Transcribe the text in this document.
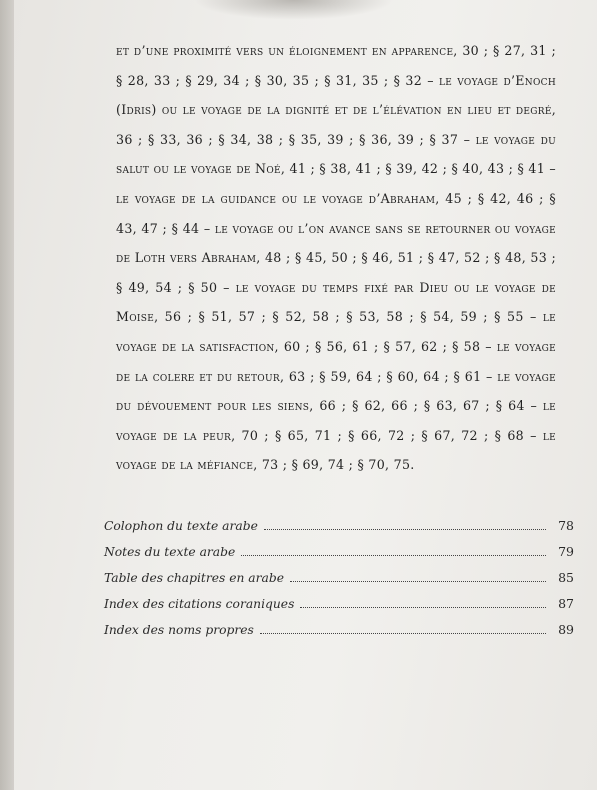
et d’une proximité vers un éloignement en apparence, 30 ; § 27, 31 ; § 28, 33 ; § 29, 34 ; § 30, 35 ; § 31, 35 ; § 32 – le voyage d’Enoch (Idris) ou le voyage de la dignité et de l’élévation en lieu et degré, 36 ; § 33, 36 ; § 34, 38 ; § 35, 39 ; § 36, 39 ; § 37 – le voyage du salut ou le voyage de Noé, 41 ; § 38, 41 ; § 39, 42 ; § 40, 43 ; § 41 – le voyage de la guidance ou le voyage d’Abraham, 45 ; § 42, 46 ; § 43, 47 ; § 44 – le voyage ou l’on avance sans se retourner ou voyage de Loth vers Abraham, 48 ; § 45, 50 ; § 46, 51 ; § 47, 52 ; § 48, 53 ; § 49, 54 ; § 50 – le voyage du temps fixé par Dieu ou le voyage de Moise, 56 ; § 51, 57 ; § 52, 58 ; § 53, 58 ; § 54, 59 ; § 55 – le voyage de la satisfaction, 60 ; § 56, 61 ; § 57, 62 ; § 58 – le voyage de la colere et du retour, 63 ; § 59, 64 ; § 60, 64 ; § 61 – le voyage du dévouement pour les siens, 66 ; § 62, 66 ; § 63, 67 ; § 64 – le voyage de la peur, 70 ; § 65, 71 ; § 66, 72 ; § 67, 72 ; § 68 – le voyage de la méfiance, 73 ; § 69, 74 ; § 70, 75.

Colophon du texte arabe	78
Notes du texte arabe	79
Table des chapitres en arabe	85
Index des citations coraniques	87
Index des noms propres	89
